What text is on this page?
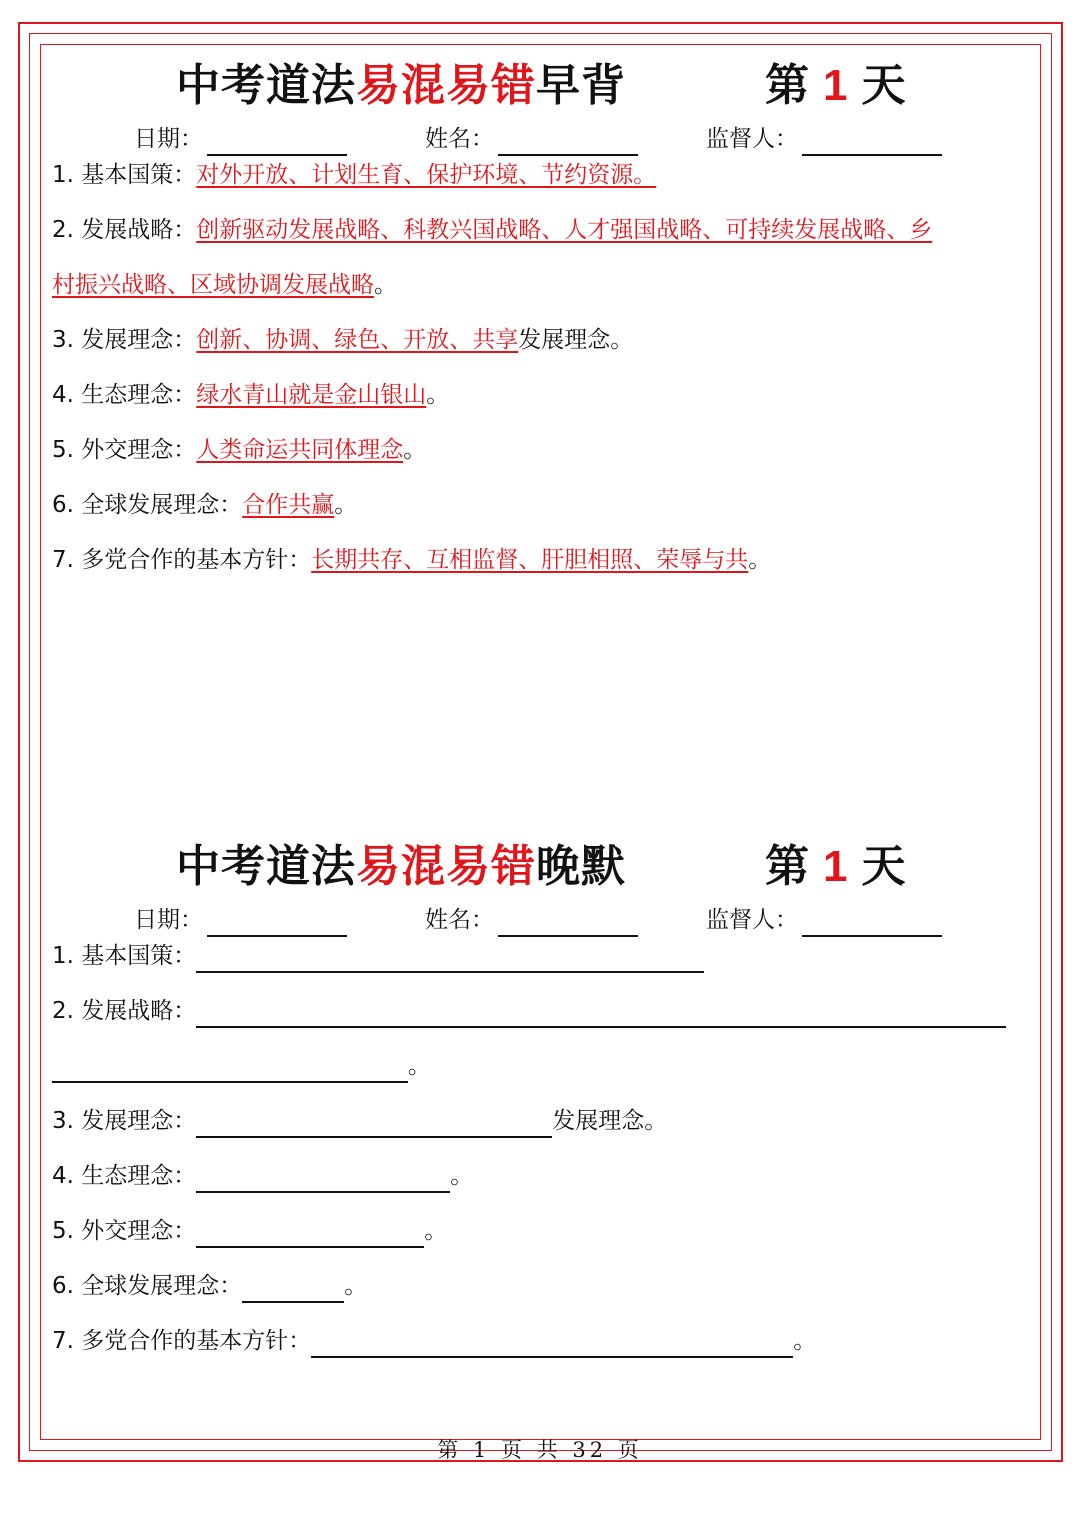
中考道法易混易错早背	第 1 天
日期：	姓名：	监督人：
1. 基本国策：对外开放、计划生育、保护环境、节约资源。
2. 发展战略：创新驱动发展战略、科教兴国战略、人才强国战略、可持续发展战略、乡
村振兴战略、区域协调发展战略。
3. 发展理念：创新、协调、绿色、开放、共享发展理念。
4. 生态理念：绿水青山就是金山银山。
5. 外交理念：人类命运共同体理念。
6. 全球发展理念：合作共赢。
7. 多党合作的基本方针：长期共存、互相监督、肝胆相照、荣辱与共。
中考道法易混易错晚默	第 1 天
日期：	姓名：	监督人：
1. 基本国策：
2. 发展战略：
。
3. 发展理念：	发展理念。
4. 生态理念：	。
5. 外交理念：	。
6. 全球发展理念：	。
7. 多党合作的基本方针：	。
第 1 页 共 32 页
